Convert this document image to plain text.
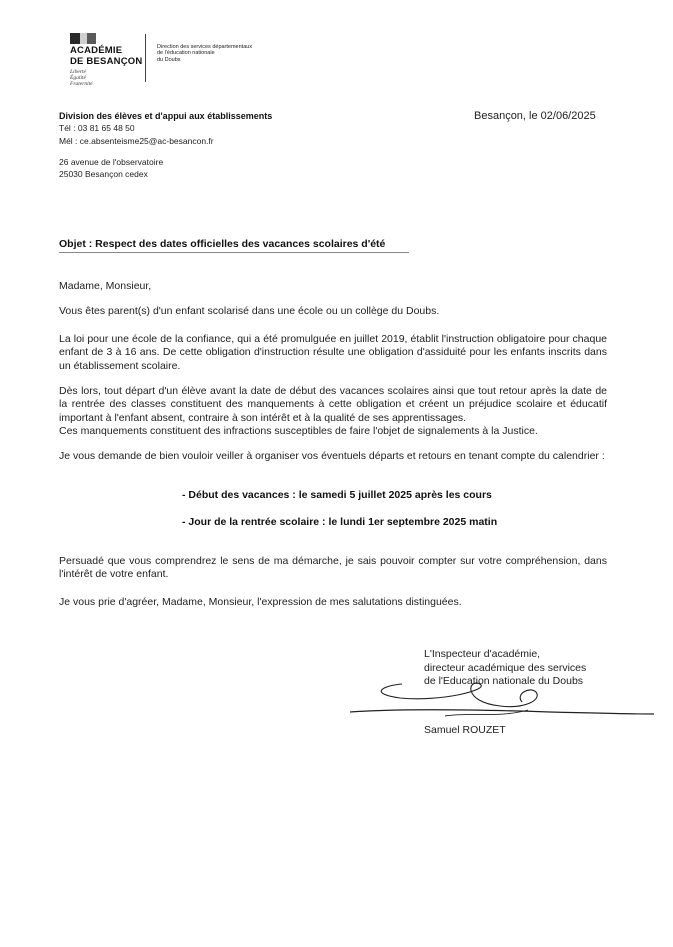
ACADÉMIE
DE BESANÇON
Liberté
Égalité
Fraternité
Direction des services départementaux
de l'éducation nationale
du Doubs
Division des élèves et d'appui aux établissements
Tél : 03 81 65 48 50
Mél : ce.absenteisme25@ac-besancon.fr
26 avenue de l'observatoire
25030 Besançon cedex
Besançon, le 02/06/2025
Objet : Respect des dates officielles des vacances scolaires d'été
Madame, Monsieur,
Vous êtes parent(s) d'un enfant scolarisé dans une école ou un collège du Doubs.
La loi pour une école de la confiance, qui a été promulguée en juillet 2019, établit l'instruction obligatoire pour chaque enfant de 3 à 16 ans. De cette obligation d'instruction résulte une obligation d'assiduité pour les enfants inscrits dans un établissement scolaire.
Dès lors, tout départ d'un élève avant la date de début des vacances scolaires ainsi que tout retour après la date de la rentrée des classes constituent des manquements à cette obligation et créent un préjudice scolaire et éducatif important à l'enfant absent, contraire à son intérêt et à la qualité de ses apprentissages.
Ces manquements constituent des infractions susceptibles de faire l'objet de signalements à la Justice.
Je vous demande de bien vouloir veiller à organiser vos éventuels départs et retours en tenant compte du calendrier :
- Début des vacances : le samedi 5 juillet 2025 après les cours
- Jour de la rentrée scolaire : le lundi 1er septembre 2025 matin
Persuadé que vous comprendrez le sens de ma démarche, je sais pouvoir compter sur votre compréhension, dans l'intérêt de votre enfant.
Je vous prie d'agréer, Madame, Monsieur, l'expression de mes salutations distinguées.
L'Inspecteur d'académie,
directeur académique des services
de l'Education nationale du Doubs
Samuel ROUZET
